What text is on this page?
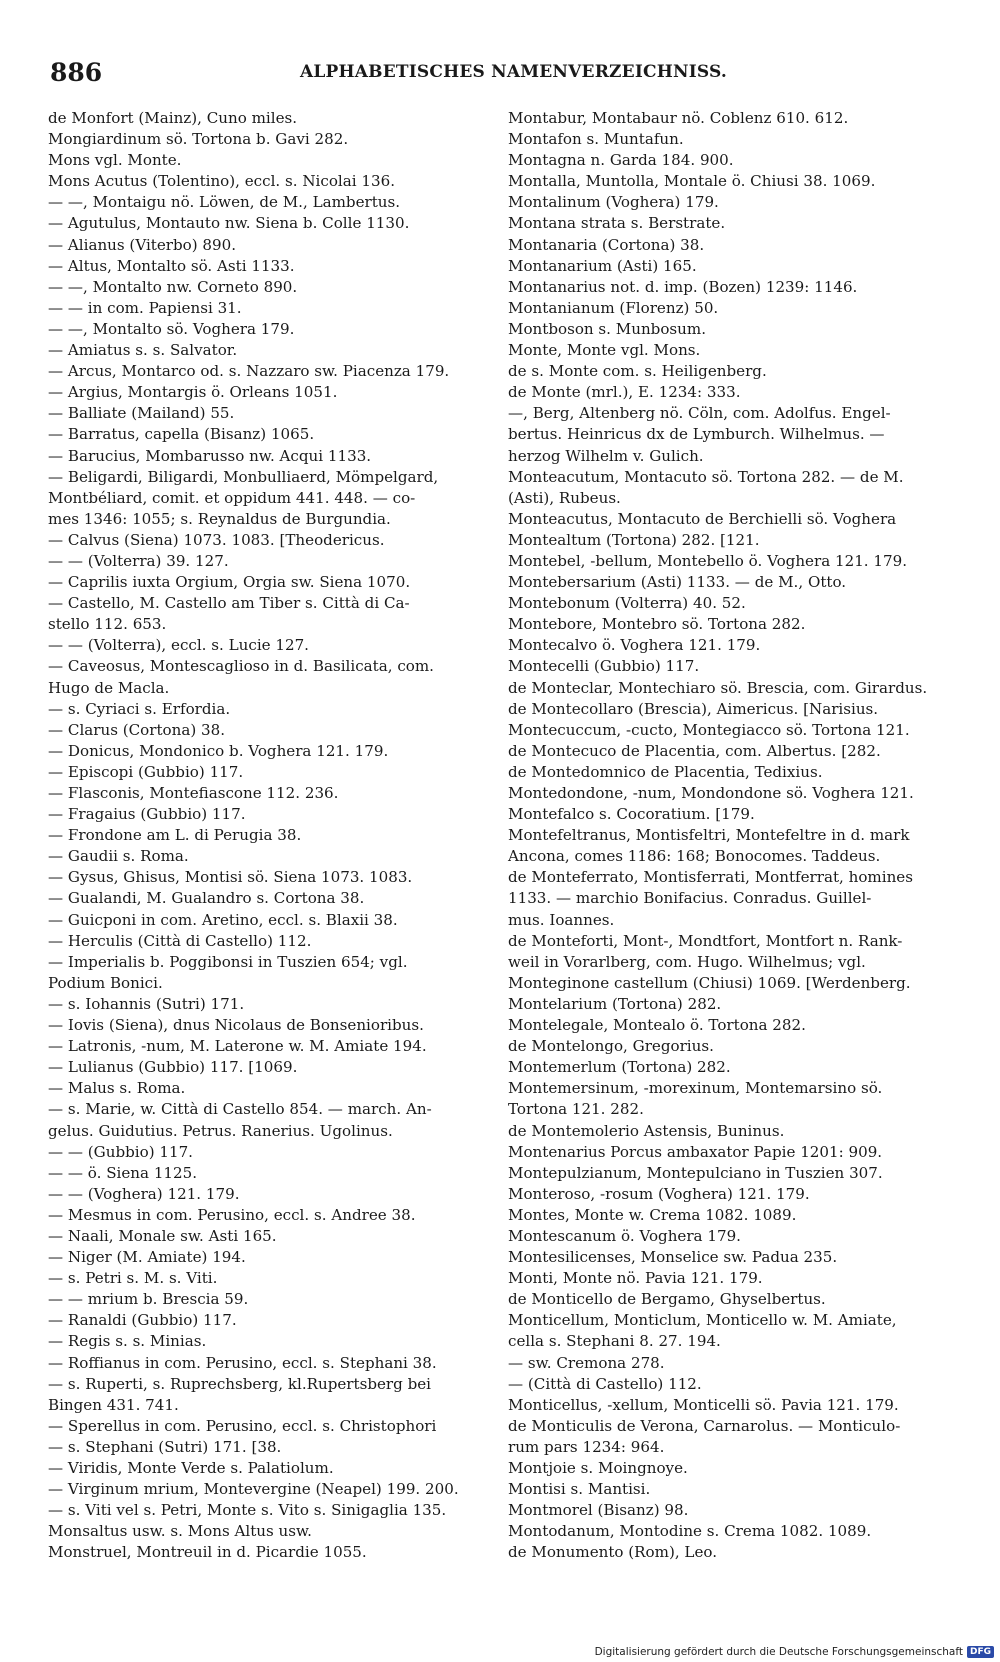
886	ALPHABETISCHES NAMENVERZEICHNISS.
de Monfort (Mainz), Cuno miles.
Mongiardinum sö. Tortona b. Gavi 282.
Mons vgl. Monte.
Mons Acutus (Tolentino), eccl. s. Nicolai 136.
— —, Montaigu nö. Löwen, de M., Lambertus.
— Agutulus, Montauto nw. Siena b. Colle 1130.
— Alianus (Viterbo) 890.
— Altus, Montalto sö. Asti 1133.
— —, Montalto nw. Corneto 890.
— — in com. Papiensi 31.
— —, Montalto sö. Voghera 179.
— Amiatus s. s. Salvator.
— Arcus, Montarco od. s. Nazzaro sw. Piacenza 179.
— Argius, Montargis ö. Orleans 1051.
— Balliate (Mailand) 55.
— Barratus, capella (Bisanz) 1065.
— Barucius, Mombarusso nw. Acqui 1133.
— Beligardi, Biligardi, Monbulliaerd, Mömpelgard,
Montbéliard, comit. et oppidum 441. 448. — co-
mes 1346: 1055; s. Reynaldus de Burgundia.
— Calvus (Siena) 1073. 1083. [Theodericus.
— — (Volterra) 39. 127.
— Caprilis iuxta Orgium, Orgia sw. Siena 1070.
— Castello, M. Castello am Tiber s. Città di Ca-
stello 112. 653.
— — (Volterra), eccl. s. Lucie 127.
— Caveosus, Montescaglioso in d. Basilicata, com.
Hugo de Macla.
— s. Cyriaci s. Erfordia.
— Clarus (Cortona) 38.
— Donicus, Mondonico b. Voghera 121. 179.
— Episcopi (Gubbio) 117.
— Flasconis, Montefiascone 112. 236.
— Fragaius (Gubbio) 117.
— Frondone am L. di Perugia 38.
— Gaudii s. Roma.
— Gysus, Ghisus, Montisi sö. Siena 1073. 1083.
— Gualandi, M. Gualandro s. Cortona 38.
— Guicponi in com. Aretino, eccl. s. Blaxii 38.
— Herculis (Città di Castello) 112.
— Imperialis b. Poggibonsi in Tuszien 654; vgl.
Podium Bonici.
— s. Iohannis (Sutri) 171.
— Iovis (Siena), dnus Nicolaus de Bonsenioribus.
— Latronis, -num, M. Laterone w. M. Amiate 194.
— Lulianus (Gubbio) 117. [1069.
— Malus s. Roma.
— s. Marie, w. Città di Castello 854. — march. An-
gelus. Guidutius. Petrus. Ranerius. Ugolinus.
— — (Gubbio) 117.
— — ö. Siena 1125.
— — (Voghera) 121. 179.
— Mesmus in com. Perusino, eccl. s. Andree 38.
— Naali, Monale sw. Asti 165.
— Niger (M. Amiate) 194.
— s. Petri s. M. s. Viti.
— — mrium b. Brescia 59.
— Ranaldi (Gubbio) 117.
— Regis s. s. Minias.
— Roffianus in com. Perusino, eccl. s. Stephani 38.
— s. Ruperti, s. Ruprechsberg, kl.Rupertsberg bei
Bingen 431. 741.
— Sperellus in com. Perusino, eccl. s. Christophori
— s. Stephani (Sutri) 171. [38.
— Viridis, Monte Verde s. Palatiolum.
— Virginum mrium, Montevergine (Neapel) 199. 200.
— s. Viti vel s. Petri, Monte s. Vito s. Sinigaglia 135.
Monsaltus usw. s. Mons Altus usw.
Monstruel, Montreuil in d. Picardie 1055.
Montabur, Montabaur nö. Coblenz 610. 612.
Montafon s. Muntafun.
Montagna n. Garda 184. 900.
Montalla, Muntolla, Montale ö. Chiusi 38. 1069.
Montalinum (Voghera) 179.
Montana strata s. Berstrate.
Montanaria (Cortona) 38.
Montanarium (Asti) 165.
Montanarius not. d. imp. (Bozen) 1239: 1146.
Montanianum (Florenz) 50.
Montboson s. Munbosum.
Monte, Monte vgl. Mons.
de s. Monte com. s. Heiligenberg.
de Monte (mrl.), E. 1234: 333.
—, Berg, Altenberg nö. Cöln, com. Adolfus. Engel-
bertus. Heinricus dx de Lymburch. Wilhelmus. —
herzog Wilhelm v. Gulich.
Monteacutum, Montacuto sö. Tortona 282. — de M.
(Asti), Rubeus.
Monteacutus, Montacuto de Berchielli sö. Voghera
Montealtum (Tortona) 282. [121.
Montebel, -bellum, Montebello ö. Voghera 121. 179.
Montebersarium (Asti) 1133. — de M., Otto.
Montebonum (Volterra) 40. 52.
Montebore, Montebro sö. Tortona 282.
Montecalvo ö. Voghera 121. 179.
Montecelli (Gubbio) 117.
de Monteclar, Montechiaro sö. Brescia, com. Girardus.
de Montecollaro (Brescia), Aimericus. [Narisius.
Montecuccum, -cucto, Montegiacco sö. Tortona 121.
de Montecuco de Placentia, com. Albertus. [282.
de Montedomnico de Placentia, Tedixius.
Montedondone, -num, Mondondone sö. Voghera 121.
Montefalco s. Cocoratium. [179.
Montefeltranus, Montisfeltri, Montefeltre in d. mark
Ancona, comes 1186: 168; Bonocomes. Taddeus.
de Monteferrato, Montisferrati, Montferrat, homines
1133. — marchio Bonifacius. Conradus. Guillel-
mus. Ioannes.
de Monteforti, Mont-, Mondtfort, Montfort n. Rank-
weil in Vorarlberg, com. Hugo. Wilhelmus; vgl.
Monteginone castellum (Chiusi) 1069. [Werdenberg.
Montelarium (Tortona) 282.
Montelegale, Montealo ö. Tortona 282.
de Montelongo, Gregorius.
Montemerlum (Tortona) 282.
Montemersinum, -morexinum, Montemarsino sö.
Tortona 121. 282.
de Montemolerio Astensis, Buninus.
Montenarius Porcus ambaxator Papie 1201: 909.
Montepulzianum, Montepulciano in Tuszien 307.
Monteroso, -rosum (Voghera) 121. 179.
Montes, Monte w. Crema 1082. 1089.
Montescanum ö. Voghera 179.
Montesilicenses, Monselice sw. Padua 235.
Monti, Monte nö. Pavia 121. 179.
de Monticello de Bergamo, Ghyselbertus.
Monticellum, Monticlum, Monticello w. M. Amiate,
cella s. Stephani 8. 27. 194.
— sw. Cremona 278.
— (Città di Castello) 112.
Monticellus, -xellum, Monticelli sö. Pavia 121. 179.
de Monticulis de Verona, Carnarolus. — Monticulo-
rum pars 1234: 964.
Montjoie s. Moingnoye.
Montisi s. Mantisi.
Montmorel (Bisanz) 98.
Montodanum, Montodine s. Crema 1082. 1089.
de Monumento (Rom), Leo.
Digitalisierung gefördert durch die Deutsche Forschungsgemeinschaft DFG
